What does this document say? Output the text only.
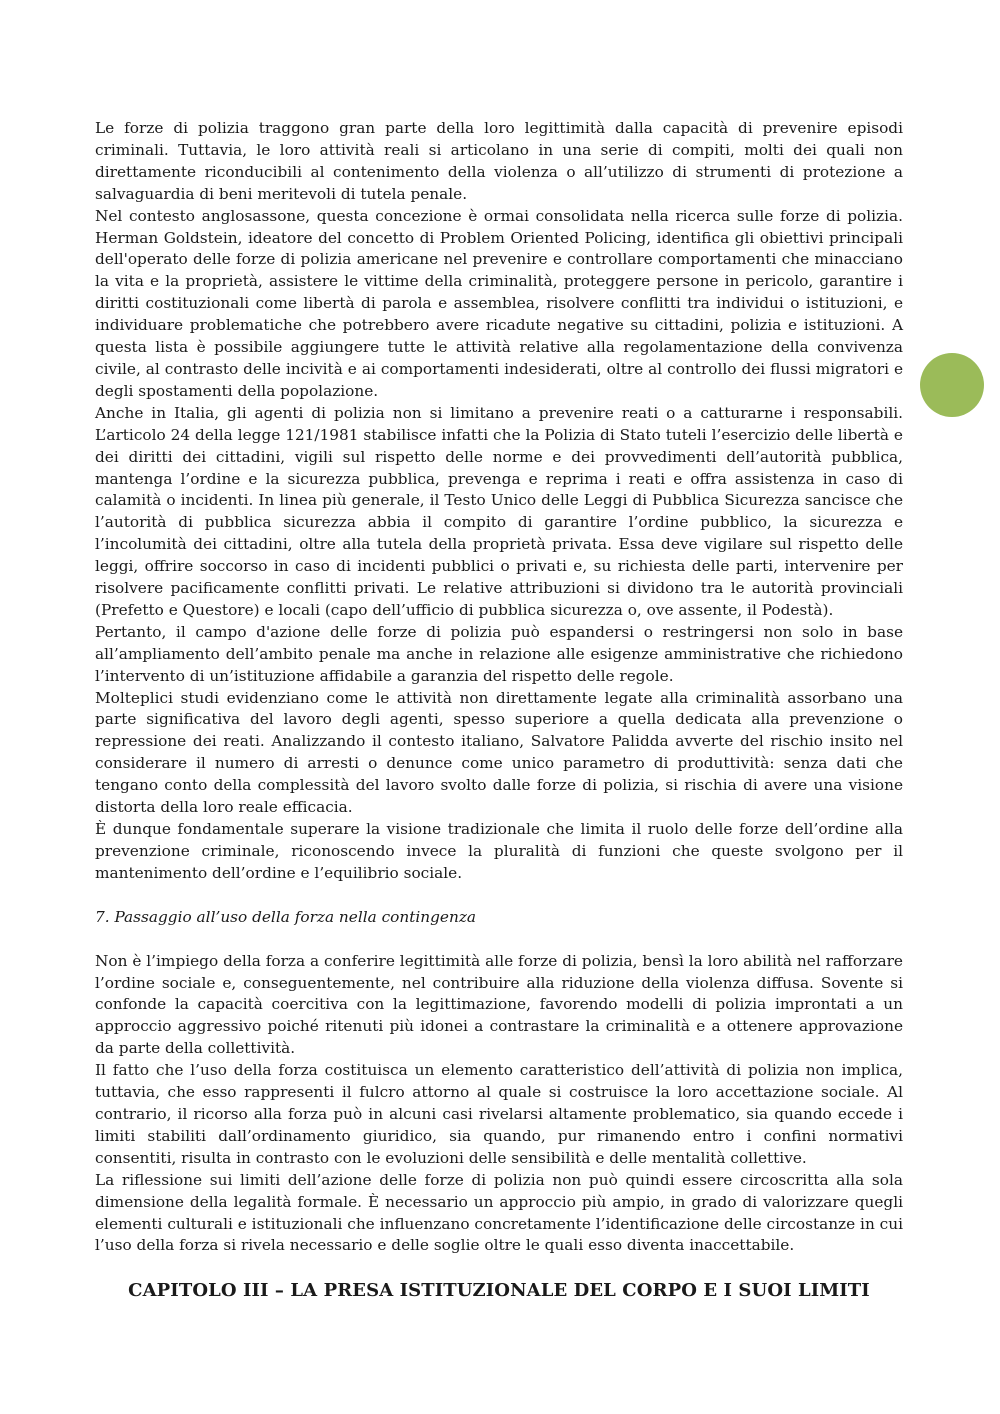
Le forze di polizia traggono gran parte della loro legittimità dalla capacità di prevenire episodi criminali. Tuttavia, le loro attività reali si articolano in una serie di compiti, molti dei quali non direttamente riconducibili al contenimento della violenza o all’utilizzo di strumenti di protezione a salvaguardia di beni meritevoli di tutela penale.

Nel contesto anglosassone, questa concezione è ormai consolidata nella ricerca sulle forze di polizia. Herman Goldstein, ideatore del concetto di Problem Oriented Policing, identifica gli obiettivi principali dell'operato delle forze di polizia americane nel prevenire e controllare comportamenti che minacciano la vita e la proprietà, assistere le vittime della criminalità, proteggere persone in pericolo, garantire i diritti costituzionali come libertà di parola e assemblea, risolvere conflitti tra individui o istituzioni, e individuare problematiche che potrebbero avere ricadute negative su cittadini, polizia e istituzioni. A questa lista è possibile aggiungere tutte le attività relative alla regolamentazione della convivenza civile, al contrasto delle incività e ai comportamenti indesiderati, oltre al controllo dei flussi migratori e degli spostamenti della popolazione.

Anche in Italia, gli agenti di polizia non si limitano a prevenire reati o a catturarne i responsabili. L’articolo 24 della legge 121/1981 stabilisce infatti che la Polizia di Stato tuteli l’esercizio delle libertà e dei diritti dei cittadini, vigili sul rispetto delle norme e dei provvedimenti dell’autorità pubblica, mantenga l’ordine e la sicurezza pubblica, prevenga e reprima i reati e offra assistenza in caso di calamità o incidenti. In linea più generale, il Testo Unico delle Leggi di Pubblica Sicurezza sancisce che l’autorità di pubblica sicurezza abbia il compito di garantire l’ordine pubblico, la sicurezza e l’incolumità dei cittadini, oltre alla tutela della proprietà privata. Essa deve vigilare sul rispetto delle leggi, offrire soccorso in caso di incidenti pubblici o privati e, su richiesta delle parti, intervenire per risolvere pacificamente conflitti privati. Le relative attribuzioni si dividono tra le autorità provinciali (Prefetto e Questore) e locali (capo dell’ufficio di pubblica sicurezza o, ove assente, il Podestà).

Pertanto, il campo d'azione delle forze di polizia può espandersi o restringersi non solo in base all’ampliamento dell’ambito penale ma anche in relazione alle esigenze amministrative che richiedono l’intervento di un’istituzione affidabile a garanzia del rispetto delle regole.

Molteplici studi evidenziano come le attività non direttamente legate alla criminalità assorbano una parte significativa del lavoro degli agenti, spesso superiore a quella dedicata alla prevenzione o repressione dei reati. Analizzando il contesto italiano, Salvatore Palidda avverte del rischio insito nel considerare il numero di arresti o denunce come unico parametro di produttività: senza dati che tengano conto della complessità del lavoro svolto dalle forze di polizia, si rischia di avere una visione distorta della loro reale efficacia.

È dunque fondamentale superare la visione tradizionale che limita il ruolo delle forze dell’ordine alla prevenzione criminale, riconoscendo invece la pluralità di funzioni che queste svolgono per il mantenimento dell’ordine e l’equilibrio sociale.

7. Passaggio all’uso della forza nella contingenza

Non è l’impiego della forza a conferire legittimità alle forze di polizia, bensì la loro abilità nel rafforzare l’ordine sociale e, conseguentemente, nel contribuire alla riduzione della violenza diffusa. Sovente si confonde la capacità coercitiva con la legittimazione, favorendo modelli di polizia improntati a un approccio aggressivo poiché ritenuti più idonei a contrastare la criminalità e a ottenere approvazione da parte della collettività.

Il fatto che l’uso della forza costituisca un elemento caratteristico dell’attività di polizia non implica, tuttavia, che esso rappresenti il fulcro attorno al quale si costruisce la loro accettazione sociale. Al contrario, il ricorso alla forza può in alcuni casi rivelarsi altamente problematico, sia quando eccede i limiti stabiliti dall’ordinamento giuridico, sia quando, pur rimanendo entro i confini normativi consentiti, risulta in contrasto con le evoluzioni delle sensibilità e delle mentalità collettive.

La riflessione sui limiti dell’azione delle forze di polizia non può quindi essere circoscritta alla sola dimensione della legalità formale. È necessario un approccio più ampio, in grado di valorizzare quegli elementi culturali e istituzionali che influenzano concretamente l’identificazione delle circostanze in cui l’uso della forza si rivela necessario e delle soglie oltre le quali esso diventa inaccettabile.

CAPITOLO III – LA PRESA ISTITUZIONALE DEL CORPO E I SUOI LIMITI
